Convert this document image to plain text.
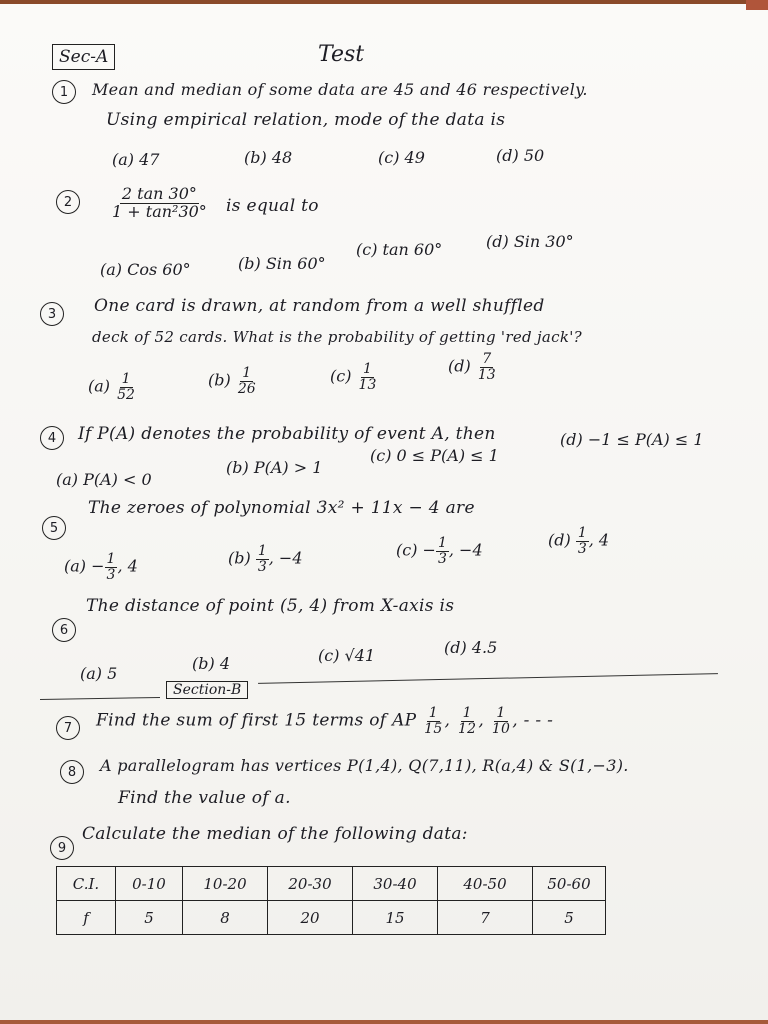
Sec-A	Test
1	Mean and median of some data are 45 and 46 respectively.
Using empirical relation, mode of the data is
(a) 47	(b) 48	(c) 49	(d) 50
2	$\frac{2 \tan 30^\circ}{\text{1 + tan²30°}}$ is equal to
(a) Cos 60°	(b) Sin 60°
(c) tan 60°	(d) Sin 30°
3	One card is drawn, at random from a well shuffled
deck of 52 cards. What is the probability of getting 'red jack'?
$(a) \frac{1}{52}$	$(b) \frac{1}{26}$	$(c) \frac{1}{13}$	$(d) \frac{7}{13}$
4	If P(A) denotes the probability of event A, then
(a) P(A) < 0
(b) P(A) > 1
(c) 0 ≤ P(A) ≤ 1
(d) −1 ≤ P(A) ≤ 1
5
The zeroes of polynomial 3x² + 11x − 4 are
$(a) - \frac{1}{3}$ , 4	$(b) \frac{1}{3}$ , −4	$(c) - \frac{1}{3}$ , −4
$(d) \frac{1}{3}$ , 4
6
The distance of point (5, 4) from X-axis is
(a) 5
(b) 4	(c) √41	(d) 4.5
Section-B
7	Find the sum of first 15 terms of AP $\frac{1}{15}$ , $\frac{1}{12}$ , $\frac{1}{10}$ , - - -
8	A parallelogram has vertices P(1,4), Q(7,11), R(a,4) & S(1,−3).
Find the value of a.
9
Calculate the median of the following data:
C.I.	0-10	10-20	20-30	30-40	40-50	50-60
f	5	8	20	15	7	5
